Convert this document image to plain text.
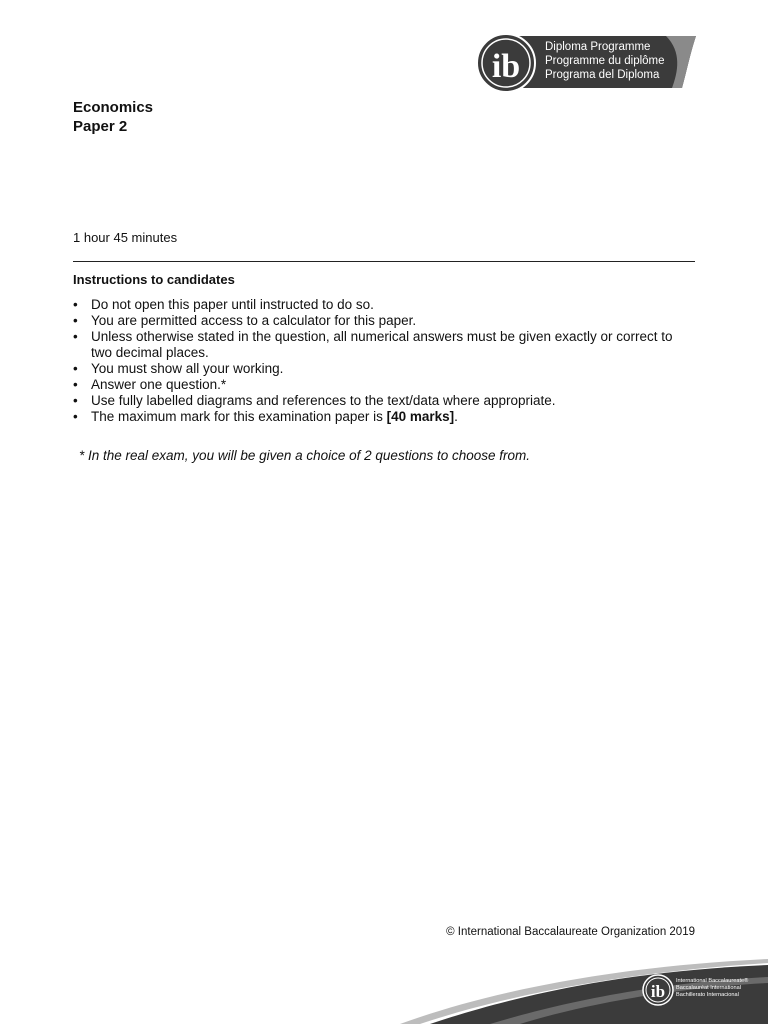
ib
Diploma Programme
Programme du diplôme
Programa del Diploma
Economics
Paper 2
1 hour 45 minutes
Instructions to candidates
• Do not open this paper until instructed to do so.
• You are permitted access to a calculator for this paper.
• Unless otherwise stated in the question, all numerical answers must be given exactly or correct to two decimal places.
• You must show all your working.
• Answer one question.*
• Use fully labelled diagrams and references to the text/data where appropriate.
• The maximum mark for this examination paper is [40 marks].
* In the real exam, you will be given a choice of 2 questions to choose from.
© International Baccalaureate Organization 2019
ib
International Baccalaureate®
Baccalauréat International
Bachillerato Internacional
